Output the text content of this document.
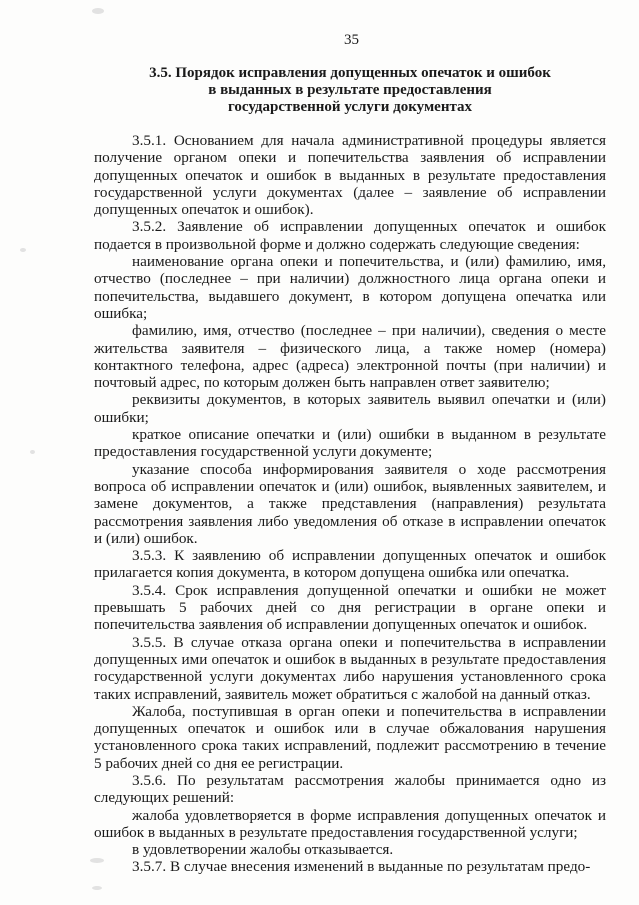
35
3.5. Порядок исправления допущенных опечаток и ошибок
в выданных в результате предоставления
государственной услуги документах

3.5.1. Основанием для начала административной процедуры является получение органом опеки и попечительства заявления об исправлении допущенных опечаток и ошибок в выданных в результате предоставления государственной услуги документах (далее – заявление об исправлении допущенных опечаток и ошибок).

3.5.2. Заявление об исправлении допущенных опечаток и ошибок подается в произвольной форме и должно содержать следующие сведения:

наименование органа опеки и попечительства, и (или) фамилию, имя, отчество (последнее – при наличии) должностного лица органа опеки и попечительства, выдавшего документ, в котором допущена опечатка или ошибка;

фамилию, имя, отчество (последнее – при наличии), сведения о месте жительства заявителя – физического лица, а также номер (номера) контактного телефона, адрес (адреса) электронной почты (при наличии) и почтовый адрес, по которым должен быть направлен ответ заявителю;

реквизиты документов, в которых заявитель выявил опечатки и (или) ошибки;

краткое описание опечатки и (или) ошибки в выданном в результате предоставления государственной услуги документе;

указание способа информирования заявителя о ходе рассмотрения вопроса об исправлении опечаток и (или) ошибок, выявленных заявителем, и замене документов, а также представления (направления) результата рассмотрения заявления либо уведомления об отказе в исправлении опечаток и (или) ошибок.

3.5.3. К заявлению об исправлении допущенных опечаток и ошибок прилагается копия документа, в котором допущена ошибка или опечатка.

3.5.4. Срок исправления допущенной опечатки и ошибки не может превышать 5 рабочих дней со дня регистрации в органе опеки и попечительства заявления об исправлении допущенных опечаток и ошибок.

3.5.5. В случае отказа органа опеки и попечительства в исправлении допущенных ими опечаток и ошибок в выданных в результате предоставления государственной услуги документах либо нарушения установленного срока таких исправлений, заявитель может обратиться с жалобой на данный отказ.

Жалоба, поступившая в орган опеки и попечительства в исправлении допущенных опечаток и ошибок или в случае обжалования нарушения установленного срока таких исправлений, подлежит рассмотрению в течение 5 рабочих дней со дня ее регистрации.

3.5.6. По результатам рассмотрения жалобы принимается одно из следующих решений:

жалоба удовлетворяется в форме исправления допущенных опечаток и ошибок в выданных в результате предоставления государственной услуги;

в удовлетворении жалобы отказывается.

3.5.7. В случае внесения изменений в выданные по результатам предо-
